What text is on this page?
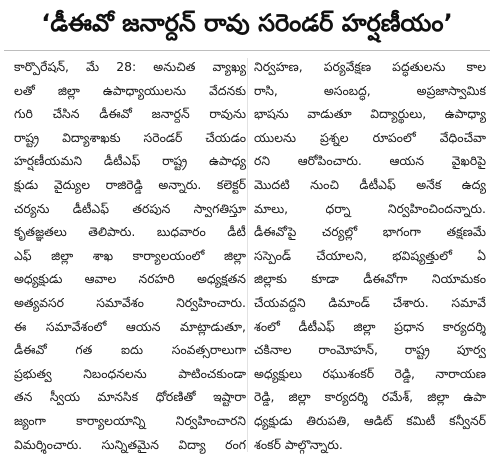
‘డీఈవో జనార్దన్ రావు సరెండర్ హర్షణీయం’
కార్పొరేషన్, మే 28: అనుచిత వ్యాఖ్య
లతో జిల్లా ఉపాధ్యాయులను వేదనకు
గురి చేసిన డీఈవో జనార్దన్ రావును
రాష్ట్ర విద్యాశాఖకు సరెండర్ చేయడం
హర్షణీయమని డీటీఎఫ్ రాష్ట్ర ఉపాధ్య
క్షుడు వైద్యుల రాజిరెడ్డి అన్నారు. కలెక్టర్
చర్యను డీటీఎఫ్ తరపున స్వాగతిస్తూ
కృతజ్ఞతలు తెలిపారు. బుధవారం డీటీ
ఎఫ్ జిల్లా శాఖ కార్యాలయంలో జిల్లా
అధ్యక్షుడు ఆవాల నరహరి అధ్యక్షతన
అత్యవసర సమావేశం నిర్వహించారు.
ఈ సమావేశంలో ఆయన మాట్లాడుతూ,
డీఈవో గత ఐదు సంవత్సరాలుగా
ప్రభుత్వ నిబంధనలను పాటించకుండా
తన స్వీయ మానసిక ధోరణితో ఇష్టారా
జ్యంగా కార్యాలయాన్ని నిర్వహించారని
విమర్శించారు. సున్నితమైన విద్యా రంగ
నిర్వహణ, పర్యవేక్షణ పద్ధతులను కాల
రాసి, అసంబద్ధ, అప్రజాస్వామిక
భాషను వాడుతూ విద్యార్థులు, ఉపాధ్యా
యులను ప్రశ్నల రూపంలో వేధించేవా
రని ఆరోపించారు. ఆయన వైఖరిపై
మొదటి నుంచి డీటీఎఫ్ అనేక ఉద్య
మాలు, ధర్నా నిర్వహించిందన్నారు.
డీఈవోపై చర్యల్లో భాగంగా తక్షణమే
సస్పెండ్ చేయాలని, భవిష్యత్తులో ఏ
జిల్లాకు కూడా డీఈవోగా నియామకం
చేయవద్దని డిమాండ్ చేశారు. సమావే
శంలో డీటీఎఫ్ జిల్లా ప్రధాన కార్యదర్శి
చకినాల రాంమోహన్, రాష్ట్ర పూర్వ
అధ్యక్షులు రఘుశంకర్ రెడ్డి, నారాయణ
రెడ్డి, జిల్లా కార్యదర్శి రమేశ్, జిల్లా ఉపా
ధ్యక్షుడు తిరుపతి, ఆడిట్ కమిటీ కన్వీనర్
శంకర్ పాల్గొన్నారు.
